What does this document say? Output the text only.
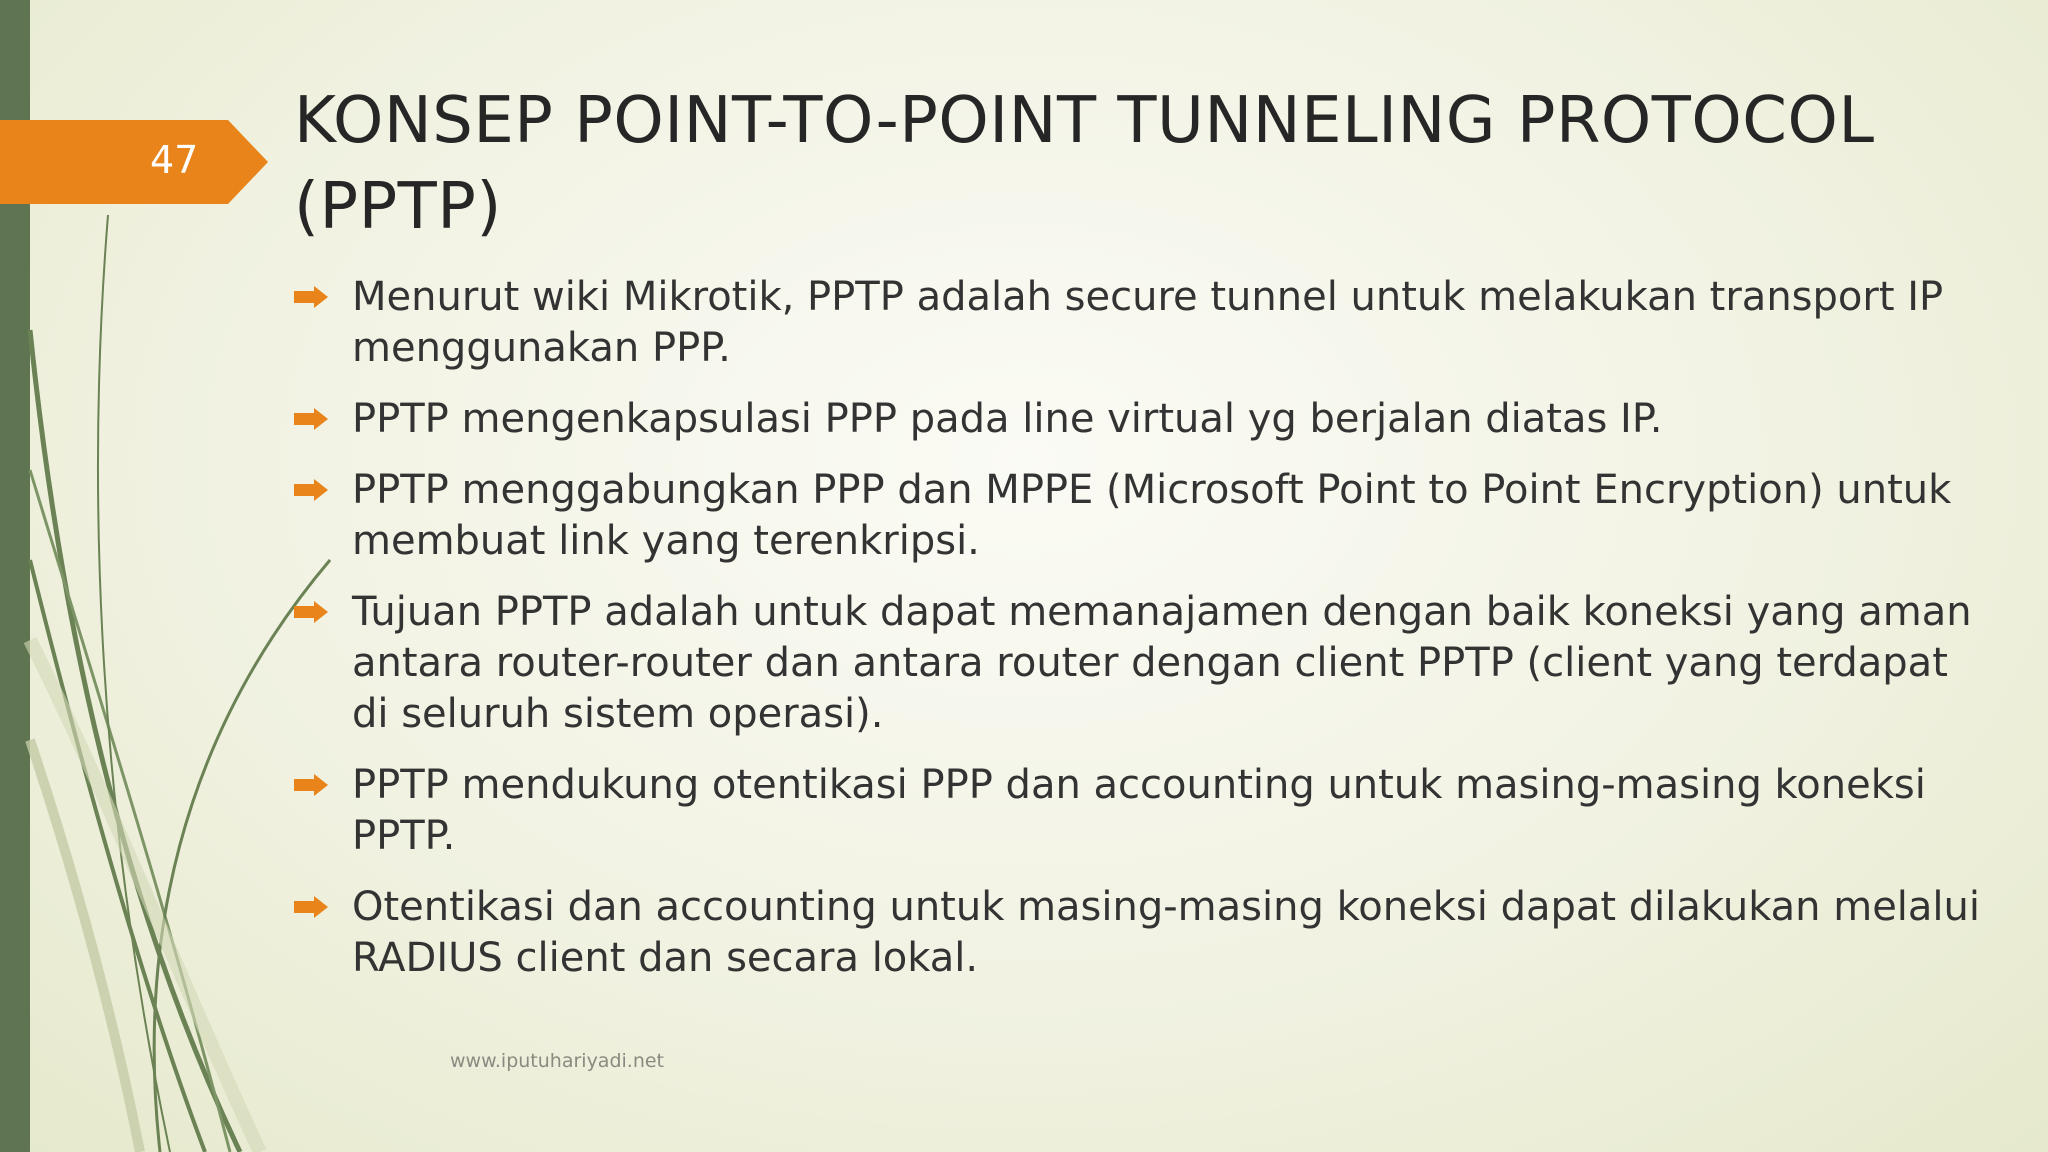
47
KONSEP POINT-TO-POINT TUNNELING PROTOCOL (PPTP)
Menurut wiki Mikrotik, PPTP adalah secure tunnel untuk melakukan transport IP menggunakan PPP.
PPTP mengenkapsulasi PPP pada line virtual yg berjalan diatas IP.
PPTP menggabungkan PPP dan MPPE (Microsoft Point to Point Encryption) untuk membuat link yang terenkripsi.
Tujuan PPTP adalah untuk dapat memanajamen dengan baik koneksi yang aman antara router-router dan antara router dengan client PPTP (client yang terdapat di seluruh sistem operasi).
PPTP mendukung otentikasi PPP dan accounting untuk masing-masing koneksi PPTP.
Otentikasi dan accounting untuk masing-masing koneksi dapat dilakukan melalui RADIUS client dan secara lokal.
www.iputuhariyadi.net
